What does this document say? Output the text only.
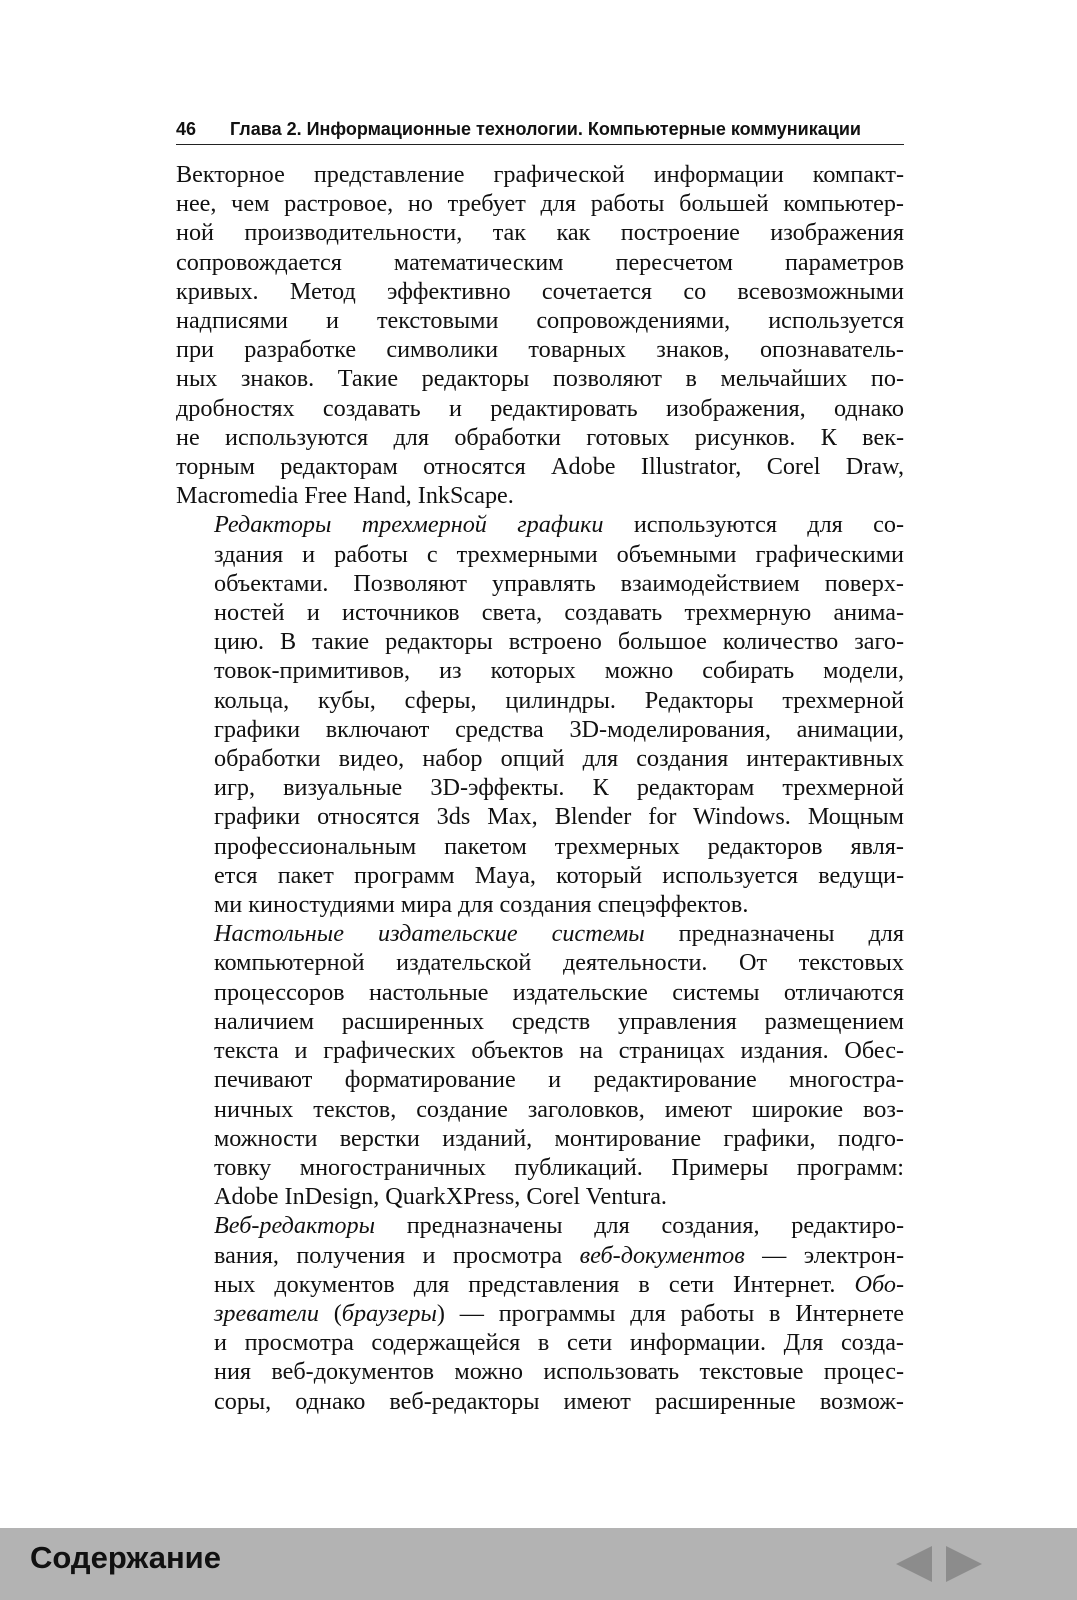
46 Глава 2. Информационные технологии. Компьютерные коммуникации
Векторное представление графической информации компакт-
нее, чем растровое, но требует для работы большей компьютер-
ной производительности, так как построение изображения
сопровождается математическим пересчетом параметров
кривых. Метод эффективно сочетается со всевозможными
надписями и текстовыми сопровождениями, используется
при разработке символики товарных знаков, опознаватель-
ных знаков. Такие редакторы позволяют в мельчайших по-
дробностях создавать и редактировать изображения, однако
не используются для обработки готовых рисунков. К век-
торным редакторам относятся Adobe Illustrator, Corel Draw,
Macromedia Free Hand, InkScape.
Редакторы трехмерной графики используются для со-
здания и работы с трехмерными объемными графическими
объектами. Позволяют управлять взаимодействием поверх-
ностей и источников света, создавать трехмерную анима-
цию. В такие редакторы встроено большое количество заго-
товок-примитивов, из которых можно собирать модели,
кольца, кубы, сферы, цилиндры. Редакторы трехмерной
графики включают средства 3D-моделирования, анимации,
обработки видео, набор опций для создания интерактивных
игр, визуальные 3D-эффекты. К редакторам трехмерной
графики относятся 3ds Max, Blender for Windows. Мощным
профессиональным пакетом трехмерных редакторов явля-
ется пакет программ Maya, который используется ведущи-
ми киностудиями мира для создания спецэффектов.
Настольные издательские системы предназначены для
компьютерной издательской деятельности. От текстовых
процессоров настольные издательские системы отличаются
наличием расширенных средств управления размещением
текста и графических объектов на страницах издания. Обес-
печивают форматирование и редактирование многостра-
ничных текстов, создание заголовков, имеют широкие воз-
можности верстки изданий, монтирование графики, подго-
товку многостраничных публикаций. Примеры программ:
Adobe InDesign, QuarkXPress, Corel Ventura.
Веб-редакторы предназначены для создания, редактиро-
вания, получения и просмотра веб-документов — электрон-
ных документов для представления в сети Интернет. Обо-
зреватели (браузеры) — программы для работы в Интернете
и просмотра содержащейся в сети информации. Для созда-
ния веб-документов можно использовать текстовые процес-
соры, однако веб-редакторы имеют расширенные возмож-
Содержание
